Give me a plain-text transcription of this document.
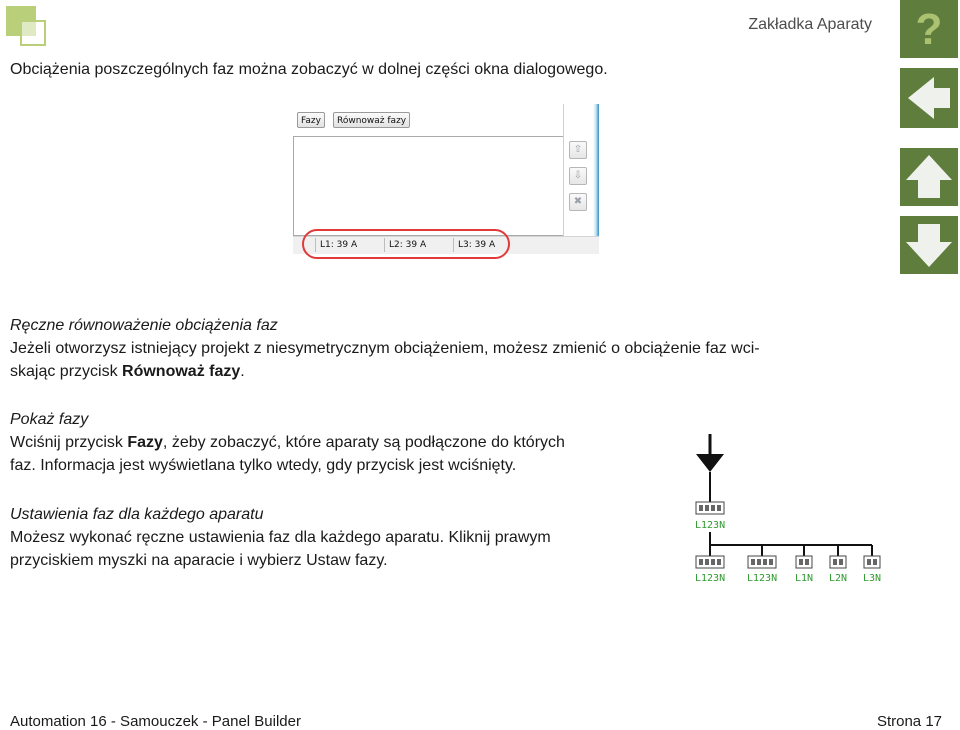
Zakładka Aparaty
Obciążenia poszczególnych faz można zobaczyć w dolnej części okna dialogowego.
Fazy	Równoważ fazy
⇧
⇩
✖
L1: 39 A	L2: 39 A	L3: 39 A
Ręczne równoważenie obciążenia faz
Jeżeli otworzysz istniejący projekt z niesymetrycznym obciążeniem, możesz zmienić o obciążenie faz wci-
skając przycisk Równoważ fazy.
Pokaż fazy
Wciśnij przycisk Fazy, żeby zobaczyć, które aparaty są podłączone do których
faz. Informacja jest wyświetlana tylko wtedy, gdy przycisk jest wciśnięty.
Ustawienia faz dla każdego aparatu
Możesz wykonać ręczne ustawienia faz dla każdego aparatu. Kliknij prawym
przyciskiem myszki na aparacie i wybierz Ustaw fazy.
L123N
L123N L123N L1N L2N L3N
?
Automation 16 - Samouczek - Panel Builder	Strona 17
